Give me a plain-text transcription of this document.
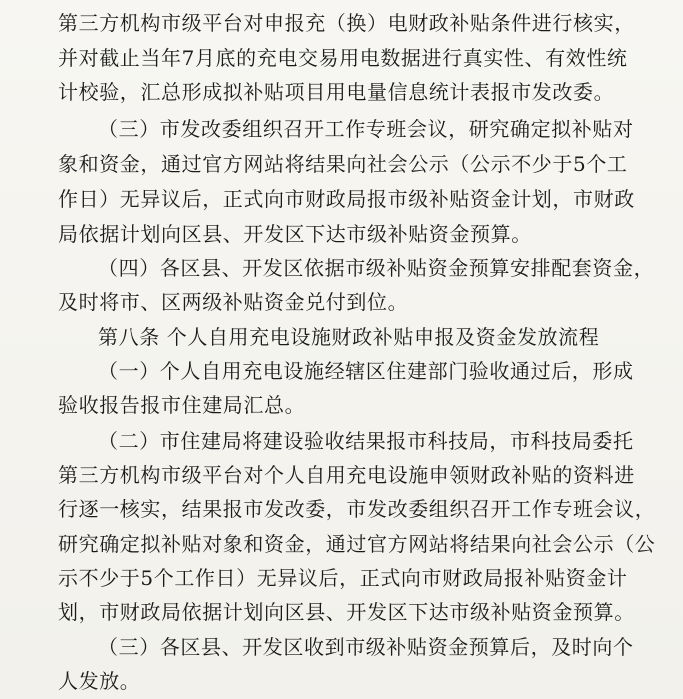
第三方机构市级平台对申报充（换）电财政补贴条件进行核实，
并对截止当年7月底的充电交易用电数据进行真实性、有效性统
计校验，汇总形成拟补贴项目用电量信息统计表报市发改委。
（三）市发改委组织召开工作专班会议，研究确定拟补贴对
象和资金，通过官方网站将结果向社会公示（公示不少于5个工
作日）无异议后，正式向市财政局报市级补贴资金计划，市财政
局依据计划向区县、开发区下达市级补贴资金预算。
（四）各区县、开发区依据市级补贴资金预算安排配套资金，
及时将市、区两级补贴资金兑付到位。
第八条 个人自用充电设施财政补贴申报及资金发放流程
（一）个人自用充电设施经辖区住建部门验收通过后，形成
验收报告报市住建局汇总。
（二）市住建局将建设验收结果报市科技局，市科技局委托
第三方机构市级平台对个人自用充电设施申领财政补贴的资料进
行逐一核实，结果报市发改委，市发改委组织召开工作专班会议，
研究确定拟补贴对象和资金，通过官方网站将结果向社会公示（公
示不少于5个工作日）无异议后，正式向市财政局报补贴资金计
划，市财政局依据计划向区县、开发区下达市级补贴资金预算。
（三）各区县、开发区收到市级补贴资金预算后，及时向个
人发放。
